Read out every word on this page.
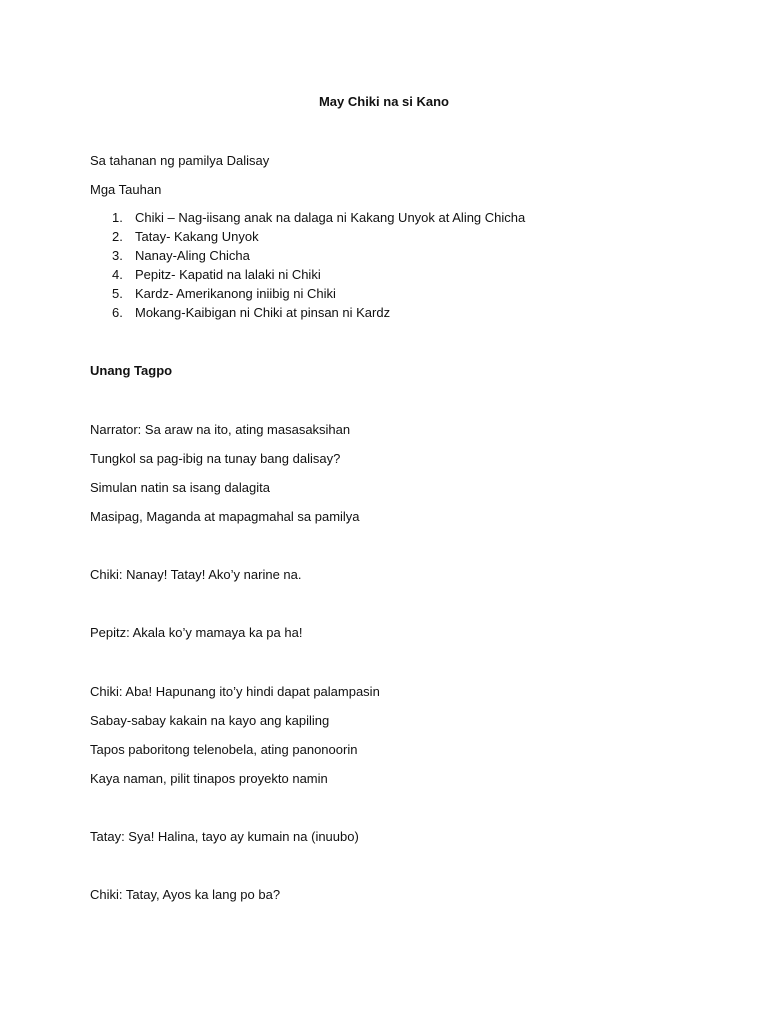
May Chiki na si Kano
Sa tahanan ng pamilya Dalisay
Mga Tauhan
1. Chiki – Nag-iisang anak na dalaga ni Kakang Unyok at Aling Chicha
2. Tatay- Kakang Unyok
3. Nanay-Aling Chicha
4. Pepitz- Kapatid na lalaki ni Chiki
5. Kardz- Amerikanong iniibig ni Chiki
6. Mokang-Kaibigan ni Chiki at pinsan ni Kardz
Unang Tagpo
Narrator: Sa araw na ito, ating masasaksihan
Tungkol sa pag-ibig na tunay bang dalisay?
Simulan natin sa isang dalagita
Masipag, Maganda at mapagmahal sa pamilya
Chiki: Nanay! Tatay! Ako’y narine na.
Pepitz: Akala ko’y mamaya ka pa ha!
Chiki: Aba! Hapunang ito’y hindi dapat palampasin
Sabay-sabay kakain na kayo ang kapiling
Tapos paboritong telenobela, ating panonoorin
Kaya naman, pilit tinapos proyekto namin
Tatay: Sya! Halina, tayo ay kumain na (inuubo)
Chiki: Tatay, Ayos ka lang po ba?
